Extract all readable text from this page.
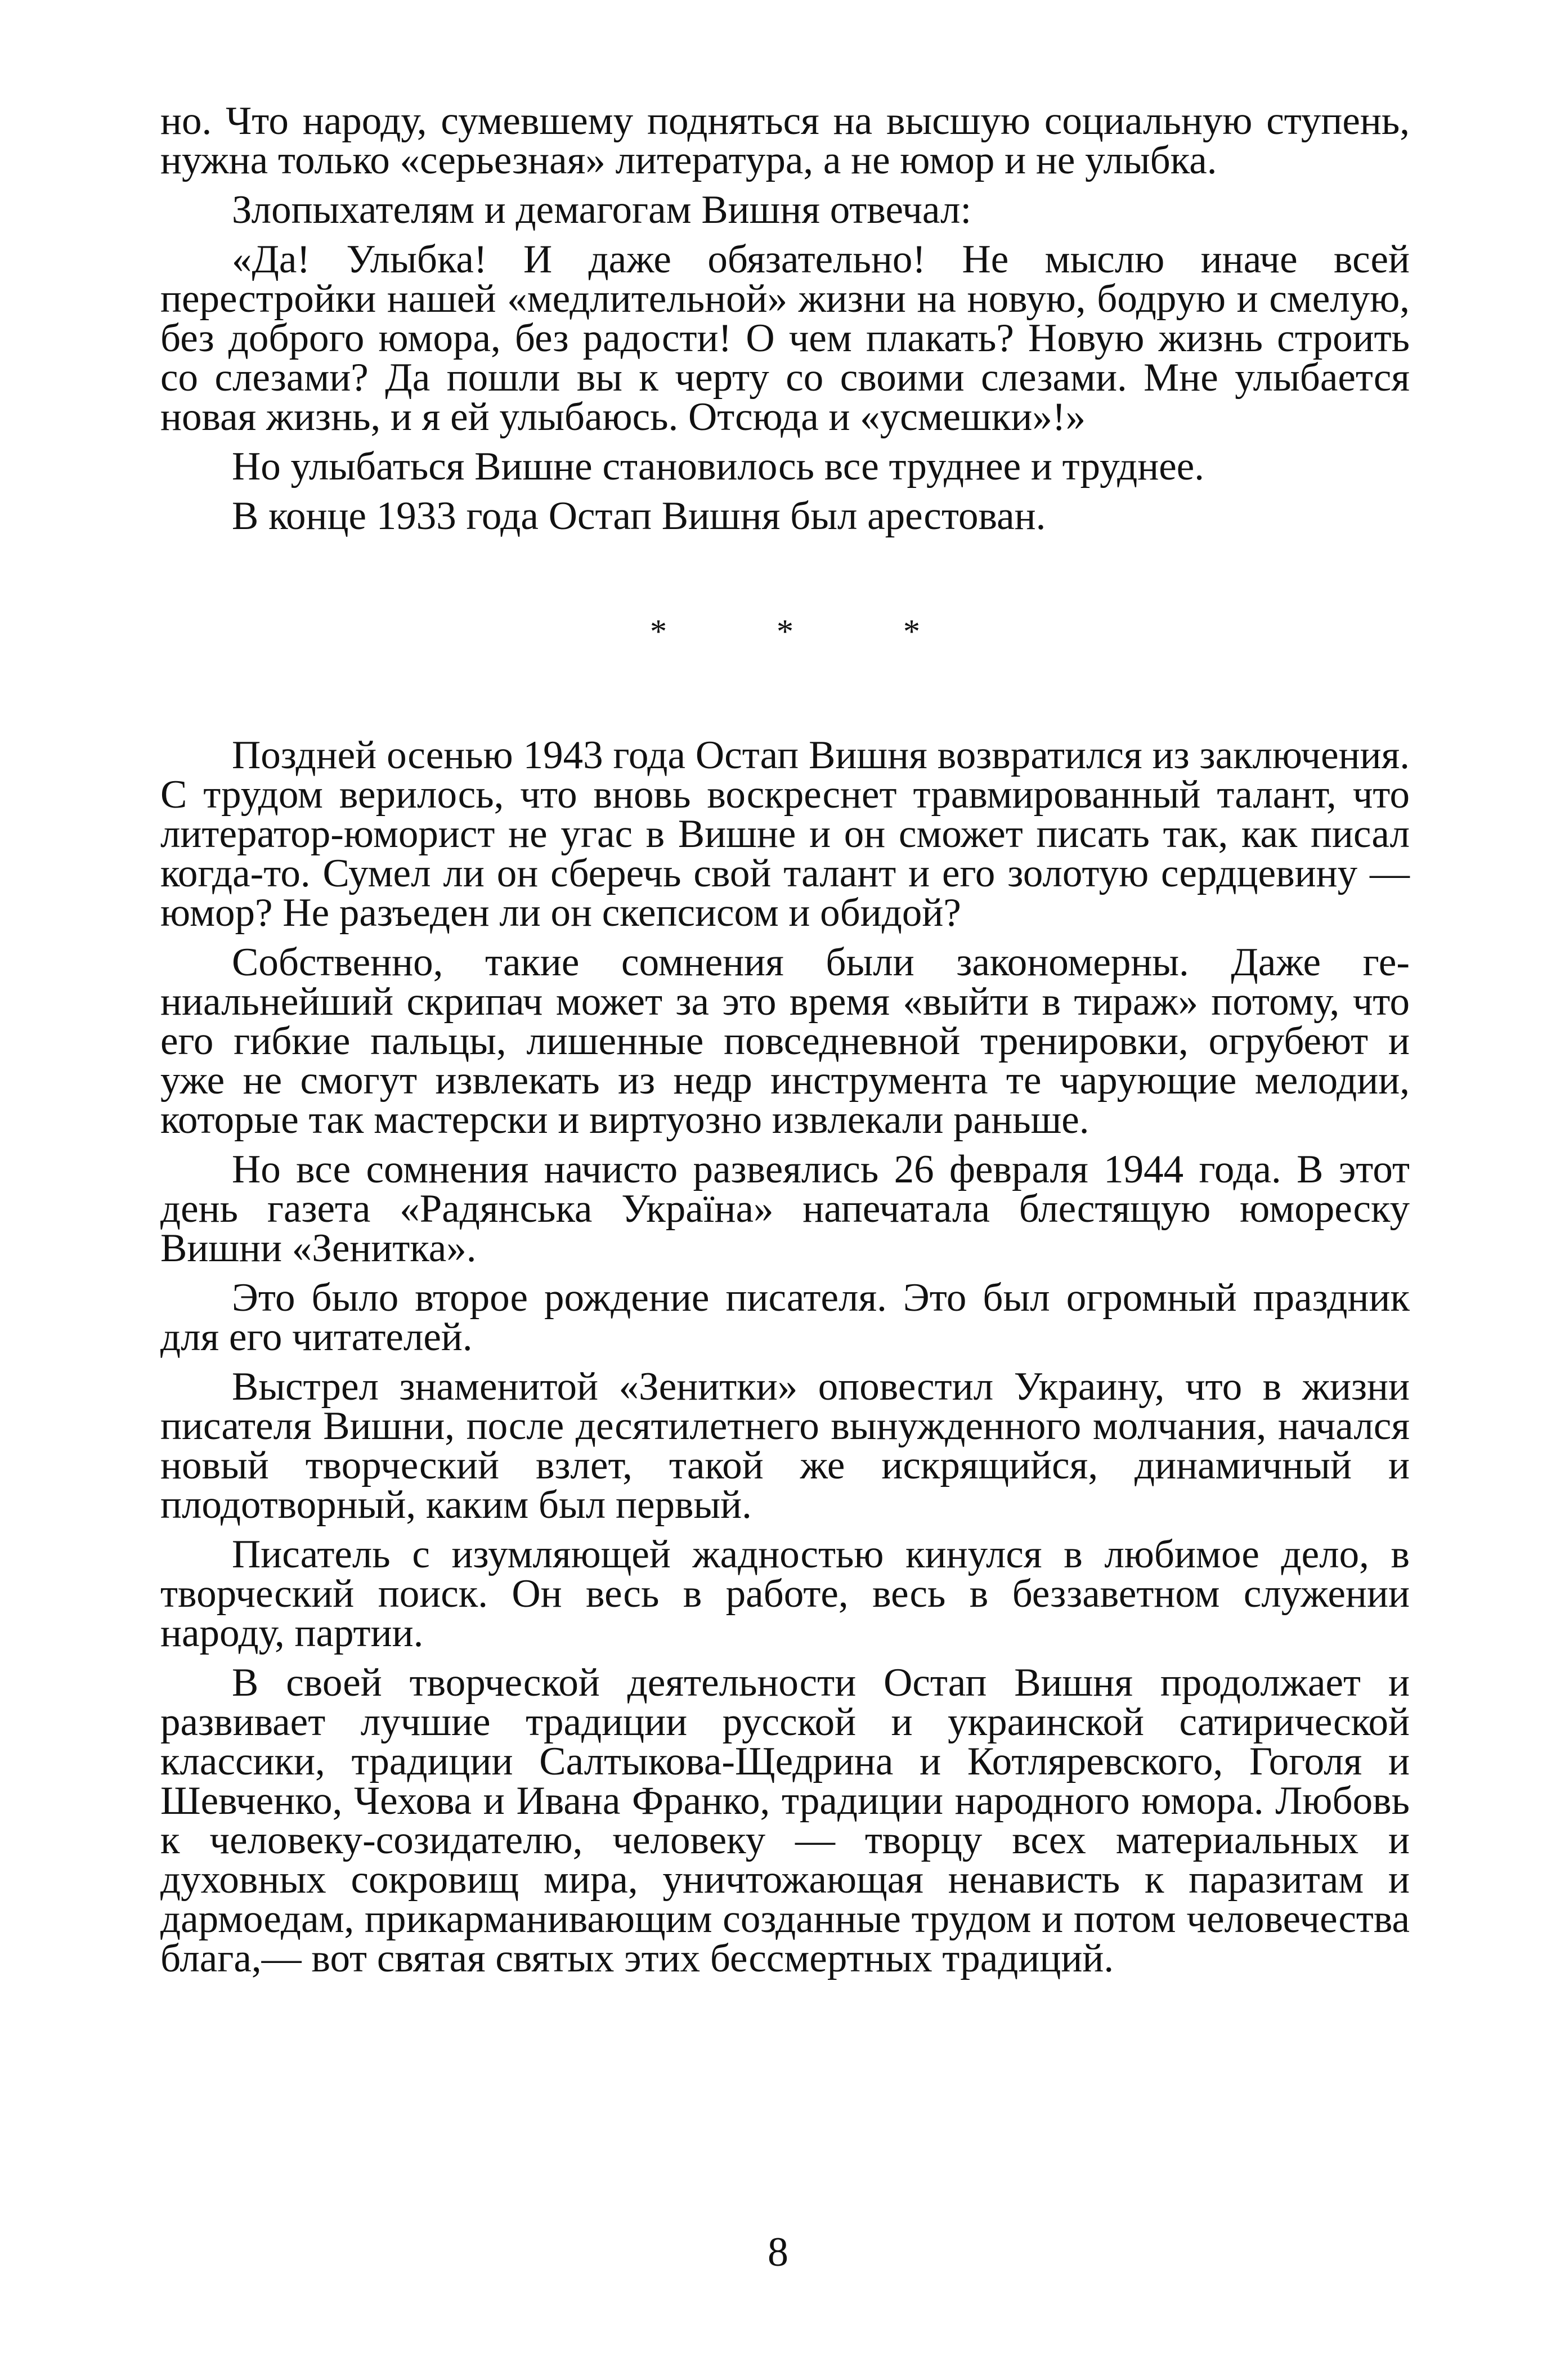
нo. Что народу, сумевшему подняться на высшую социальную ступень, нужна только «серьезная» литература, а не юмор и не улыбка.

Злопыхателям и демагогам Вишня отвечал:

«Да! Улыбка! И даже обязательно! Не мыслю иначе всей перестройки нашей «медлительной» жизни на новую, бодрую и смелую, без доброго юмора, без радости! О чем плакать? Новую жизнь строить со слезами? Да пошли вы к черту со своими слезами. Мне улыбается новая жизнь, и я ей улыбаюсь. Отсюда и «усмешки»!»

Но улыбаться Вишне становилось все труднее и труднее.

В конце 1933 года Остап Вишня был арестован.

* * *

Поздней осенью 1943 года Остап Вишня возвратился из заключения. С трудом верилось, что вновь воскреснет травмированный талант, что литератор-юморист не угас в Вишне и он сможет писать так, как писал когда-то. Сумел ли он сберечь свой талант и его золотую сердцевину — юмор? Не разъеден ли он скепсисом и обидой?

Собственно, такие сомнения были закономерны. Даже гениальнейший скрипач может за это время «выйти в тираж» потому, что его гибкие пальцы, лишенные повседневной тренировки, огрубеют и уже не смогут извлекать из недр инструмента те чарующие мелодии, которые так мастерски и виртуозно извлекали раньше.

Но все сомнения начисто развеялись 26 февраля 1944 года. В этот день газета «Радянська Україна» напечатала блестящую юмореску Вишни «Зенитка».

Это было второе рождение писателя. Это был огромный праздник для его читателей.

Выстрел знаменитой «Зенитки» оповестил Украину, что в жизни писателя Вишни, после десятилетнего вынужденного молчания, начался новый творческий взлет, такой же искрящийся, динамичный и плодотворный, каким был первый.

Писатель с изумляющей жадностью кинулся в любимое дело, в творческий поиск. Он весь в работе, весь в беззаветном служении народу, партии.

В своей творческой деятельности Остап Вишня продолжает и развивает лучшие традиции русской и украинской сатирической классики, традиции Салтыкова-Щедрина и Котляревского, Гоголя и Шевченко, Чехова и Ивана Франко, традиции народного юмора. Любовь к человеку-созидателю, человеку — творцу всех материальных и духовных сокровищ мира, уничтожающая ненависть к паразитам и дармоедам, прикарманивающим созданные трудом и потом человечества блага,— вот святая святых этих бессмертных традиций.

8
